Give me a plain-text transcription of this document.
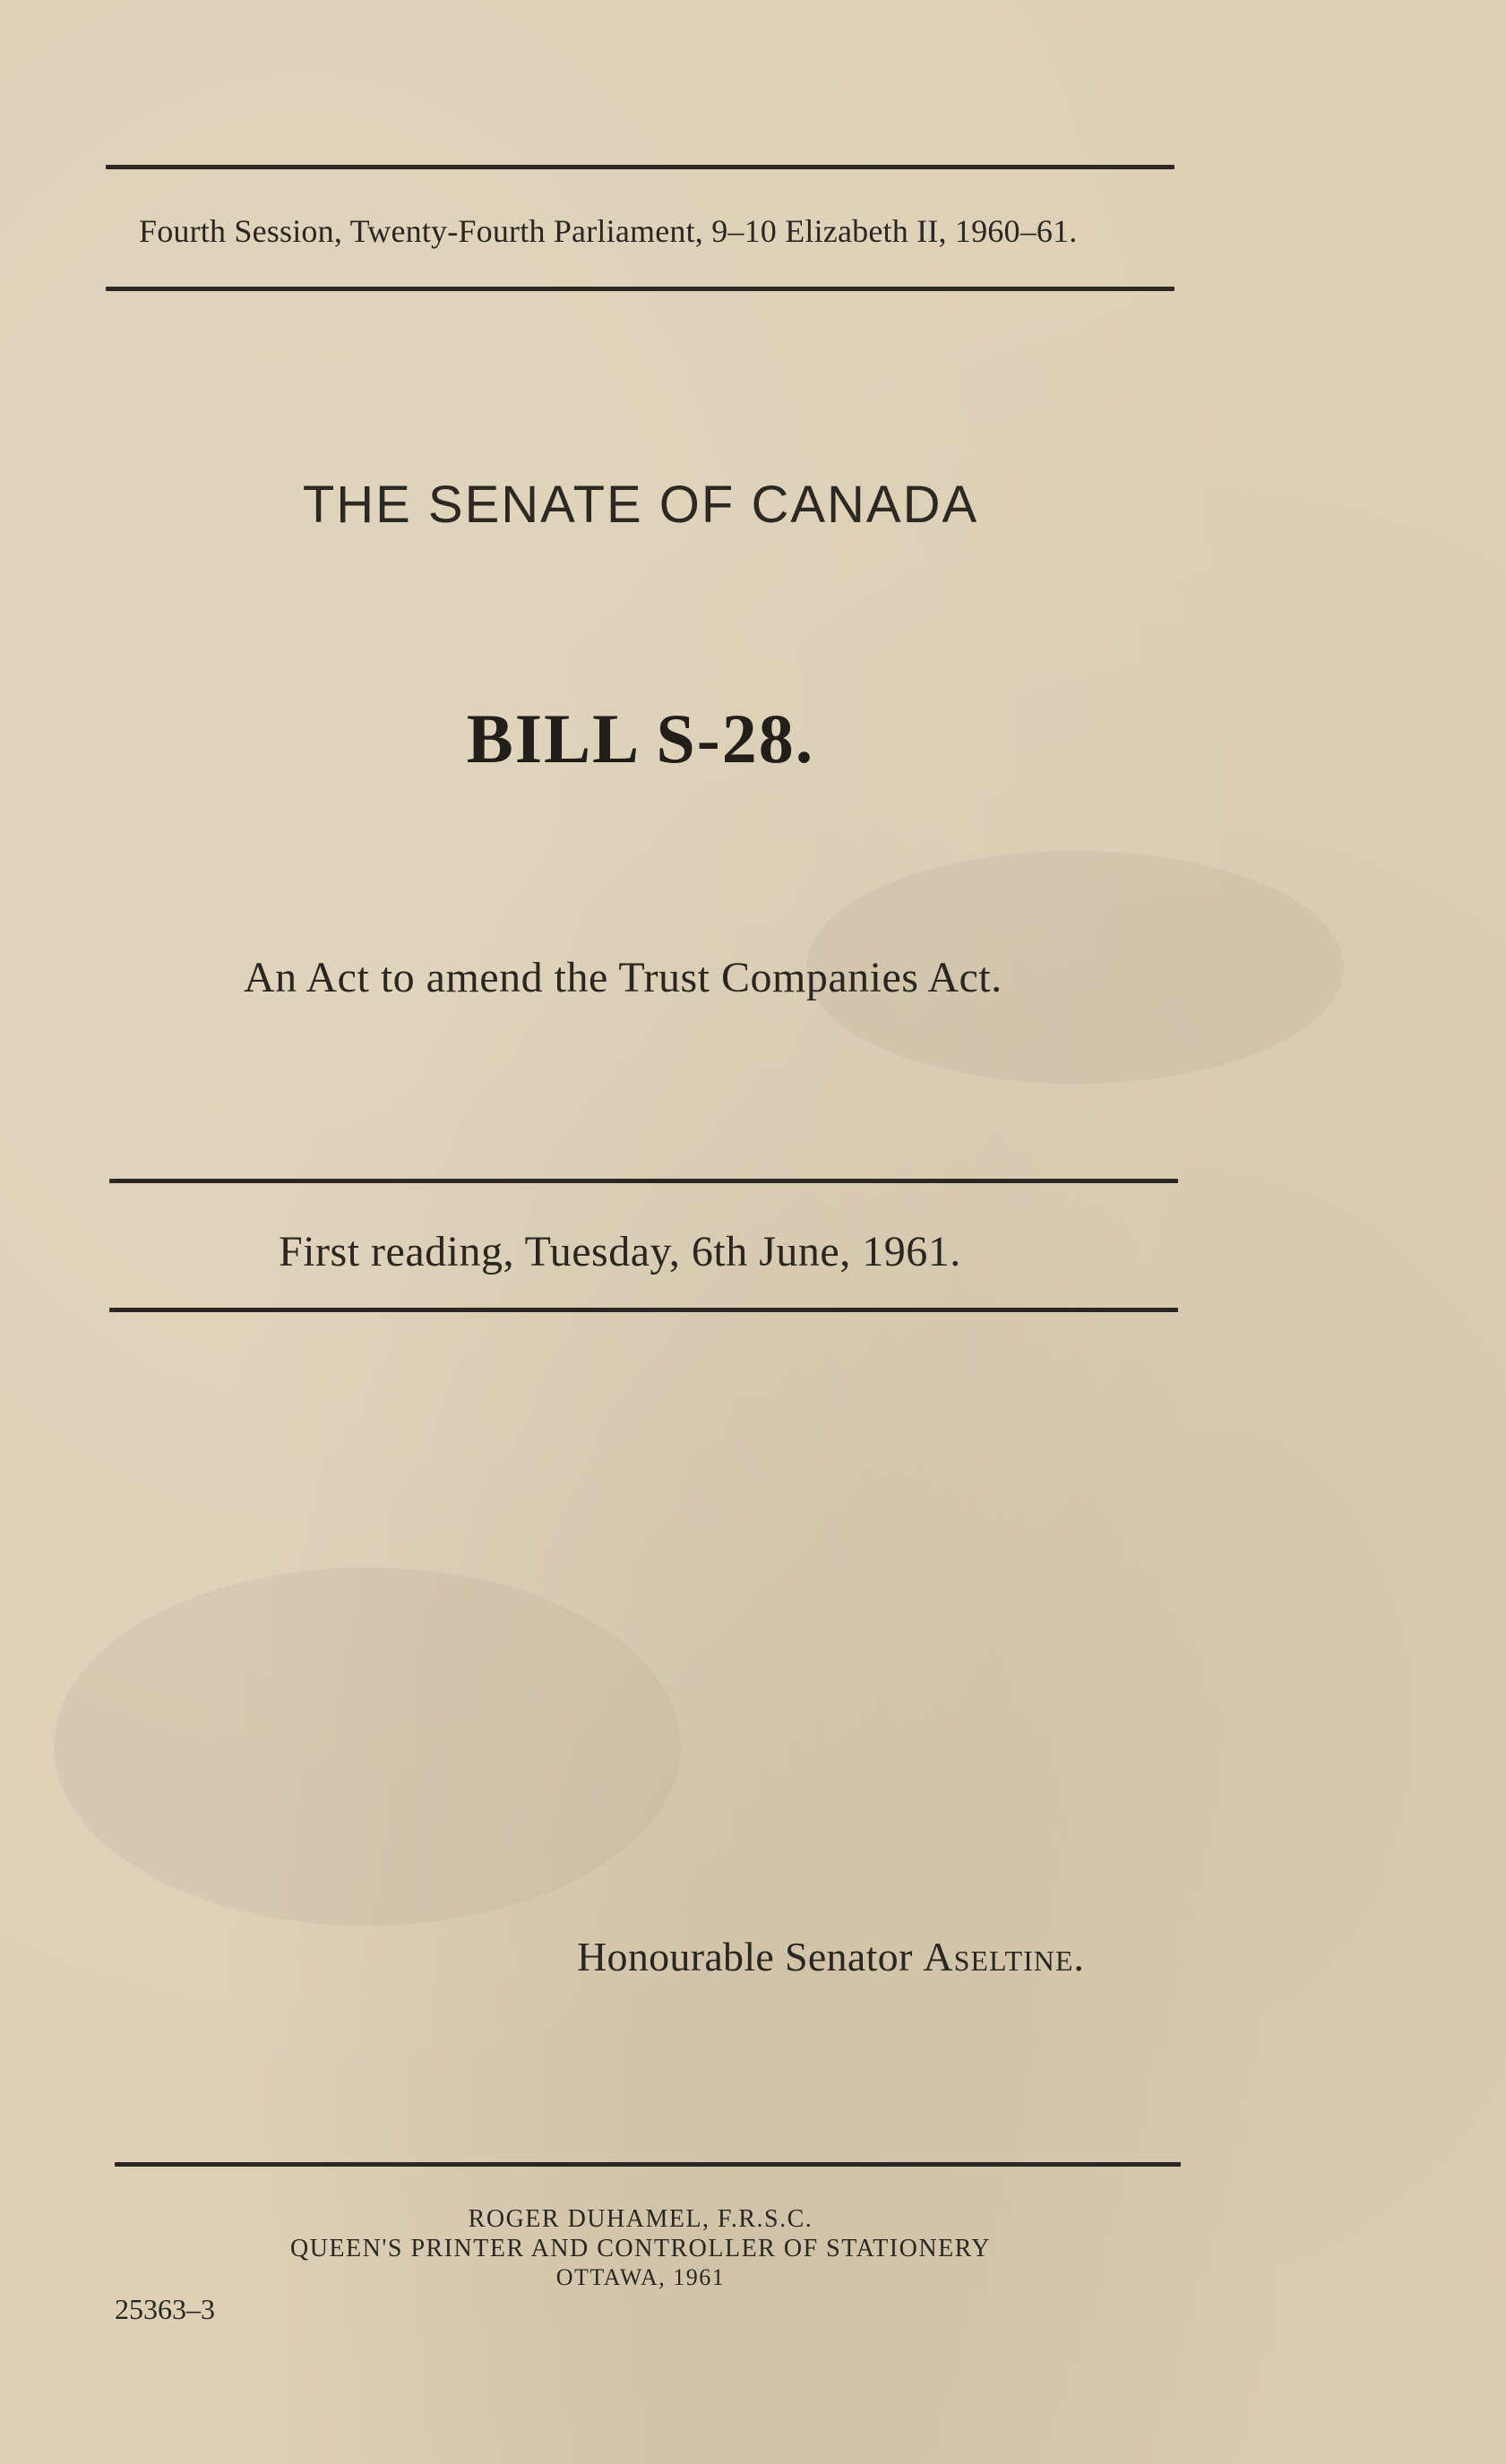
Fourth Session, Twenty-Fourth Parliament, 9–10 Elizabeth II, 1960–61.
THE SENATE OF CANADA
BILL S-28.
An Act to amend the Trust Companies Act.
First reading, Tuesday, 6th June, 1961.
Honourable Senator Aseltine.
ROGER DUHAMEL, F.R.S.C.
QUEEN'S PRINTER AND CONTROLLER OF STATIONERY
OTTAWA, 1961
25363–3
